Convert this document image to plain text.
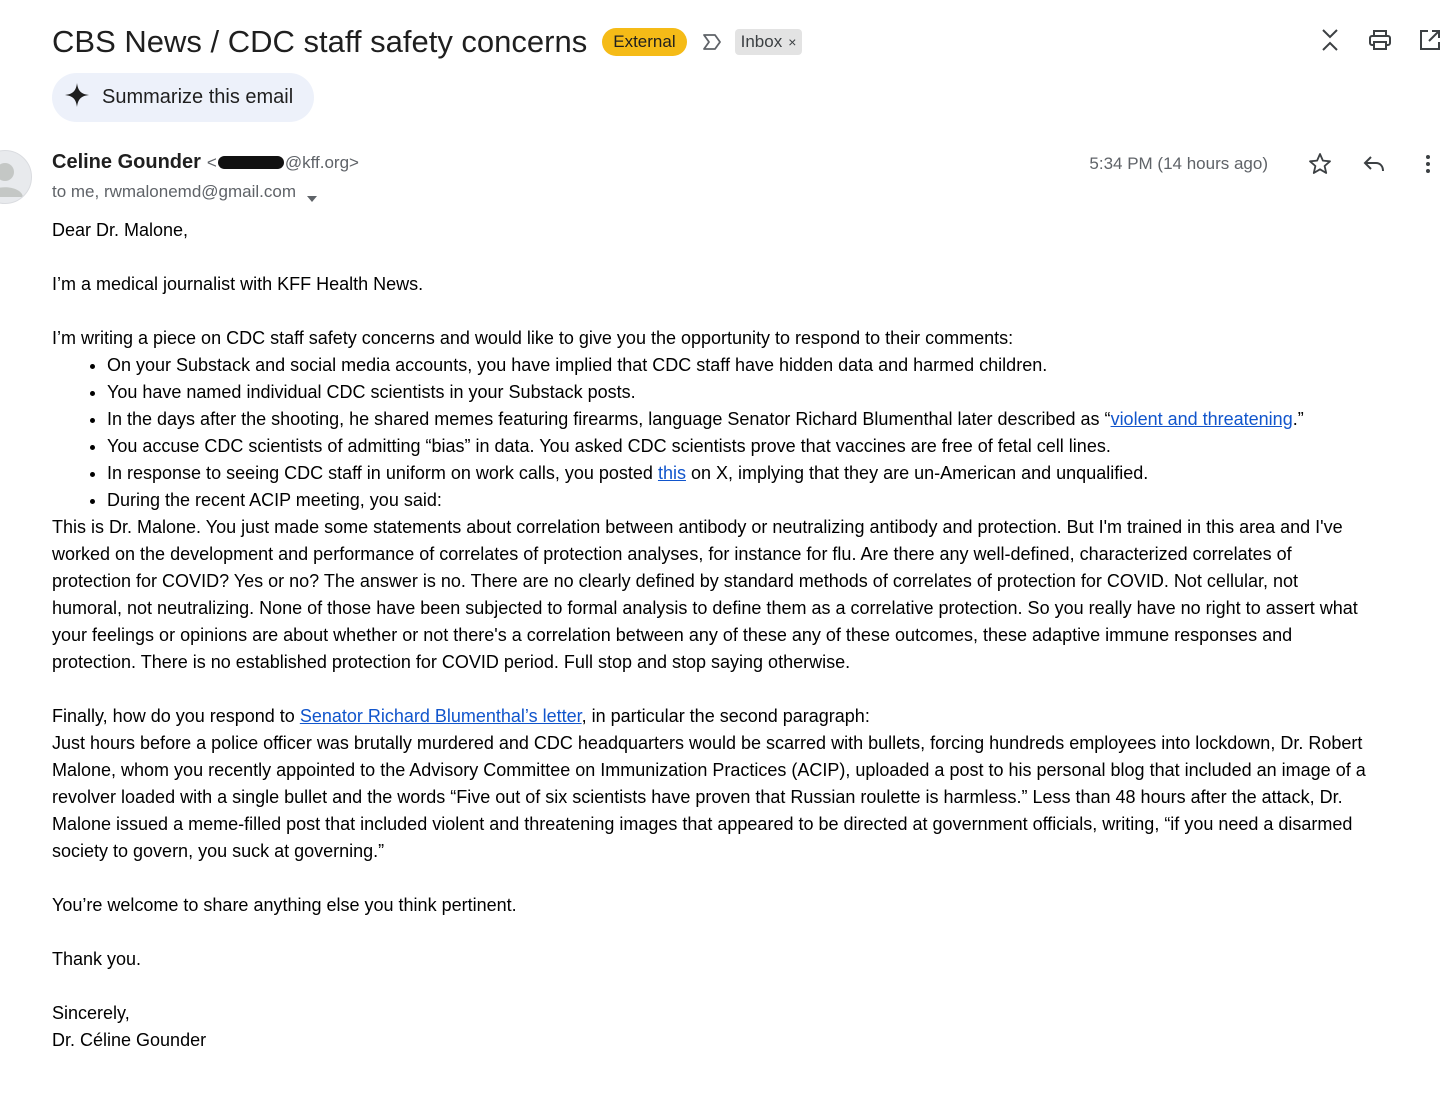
CBS News / CDC staff safety concerns	External	Inbox ×
Summarize this email
Celine Gounder <	@kff.org>
to me, rwmalonemd@gmail.com
5:34 PM (14 hours ago)

Dear Dr. Malone,

I’m a medical journalist with KFF Health News.

I’m writing a piece on CDC staff safety concerns and would like to give you the opportunity to respond to their comments:

• On your Substack and social media accounts, you have implied that CDC staff have hidden data and harmed children.
• You have named individual CDC scientists in your Substack posts.
• In the days after the shooting, he shared memes featuring firearms, language Senator Richard Blumenthal later described as “violent and threatening.”
• You accuse CDC scientists of admitting “bias” in data. You asked CDC scientists prove that vaccines are free of fetal cell lines.
• In response to seeing CDC staff in uniform on work calls, you posted this on X, implying that they are un-American and unqualified.
• During the recent ACIP meeting, you said:

This is Dr. Malone. You just made some statements about correlation between antibody or neutralizing antibody and protection. But I'm trained in this area and I've worked on the development and performance of correlates of protection analyses, for instance for flu. Are there any well-defined, characterized correlates of protection for COVID? Yes or no? The answer is no. There are no clearly defined by standard methods of correlates of protection for COVID. Not cellular, not humoral, not neutralizing. None of those have been subjected to formal analysis to define them as a correlative protection. So you really have no right to assert what your feelings or opinions are about whether or not there's a correlation between any of these any of these outcomes, these adaptive immune responses and protection. There is no established protection for COVID period. Full stop and stop saying otherwise.

Finally, how do you respond to Senator Richard Blumenthal’s letter, in particular the second paragraph:

Just hours before a police officer was brutally murdered and CDC headquarters would be scarred with bullets, forcing hundreds employees into lockdown, Dr. Robert Malone, whom you recently appointed to the Advisory Committee on Immunization Practices (ACIP), uploaded a post to his personal blog that included an image of a revolver loaded with a single bullet and the words “Five out of six scientists have proven that Russian roulette is harmless.” Less than 48 hours after the attack, Dr. Malone issued a meme-filled post that included violent and threatening images that appeared to be directed at government officials, writing, “if you need a disarmed society to govern, you suck at governing.”

You’re welcome to share anything else you think pertinent.

Thank you.

Sincerely,

Dr. Céline Gounder
